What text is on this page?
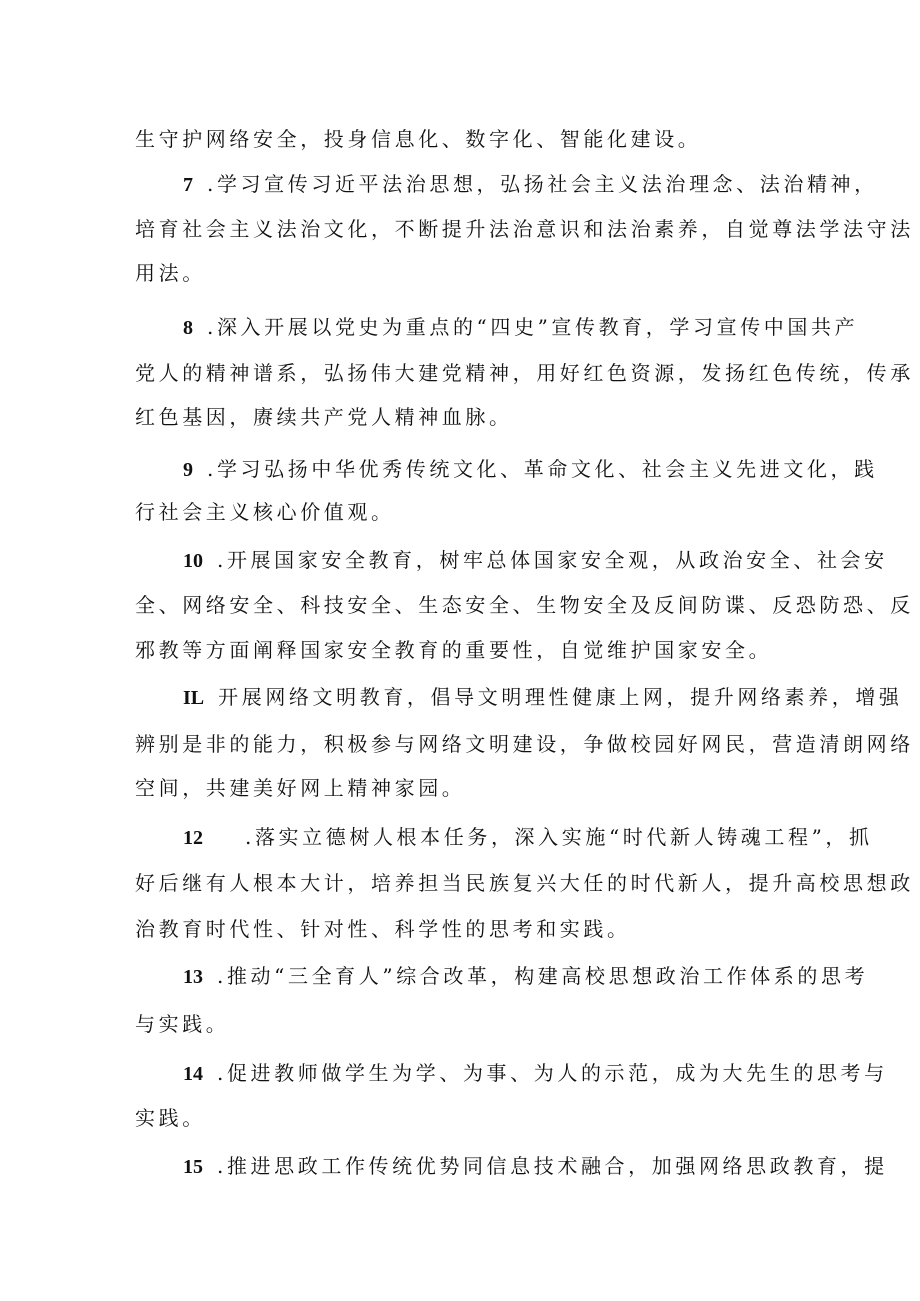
生守护网络安全，投身信息化、数字化、智能化建设。
7 .学习宣传习近平法治思想，弘扬社会主义法治理念、法治精神，
培育社会主义法治文化，不断提升法治意识和法治素养，自觉尊法学法守法
用法。
8 .深入开展以党史为重点的“四史”宣传教育，学习宣传中国共产
党人的精神谱系，弘扬伟大建党精神，用好红色资源，发扬红色传统，传承
红色基因，赓续共产党人精神血脉。
9 .学习弘扬中华优秀传统文化、革命文化、社会主义先进文化，践
行社会主义核心价值观。
10 .开展国家安全教育，树牢总体国家安全观，从政治安全、社会安
全、网络安全、科技安全、生态安全、生物安全及反间防谍、反恐防恐、反
邪教等方面阐释国家安全教育的重要性，自觉维护国家安全。
IL 开展网络文明教育，倡导文明理性健康上网，提升网络素养，增强
辨别是非的能力，积极参与网络文明建设，争做校园好网民，营造清朗网络
空间，共建美好网上精神家园。
12 .落实立德树人根本任务，深入实施“时代新人铸魂工程”，抓
好后继有人根本大计，培养担当民族复兴大任的时代新人，提升高校思想政
治教育时代性、针对性、科学性的思考和实践。
13 .推动“三全育人”综合改革，构建高校思想政治工作体系的思考
与实践。
14 .促进教师做学生为学、为事、为人的示范，成为大先生的思考与
实践。
15 .推进思政工作传统优势同信息技术融合，加强网络思政教育，提
